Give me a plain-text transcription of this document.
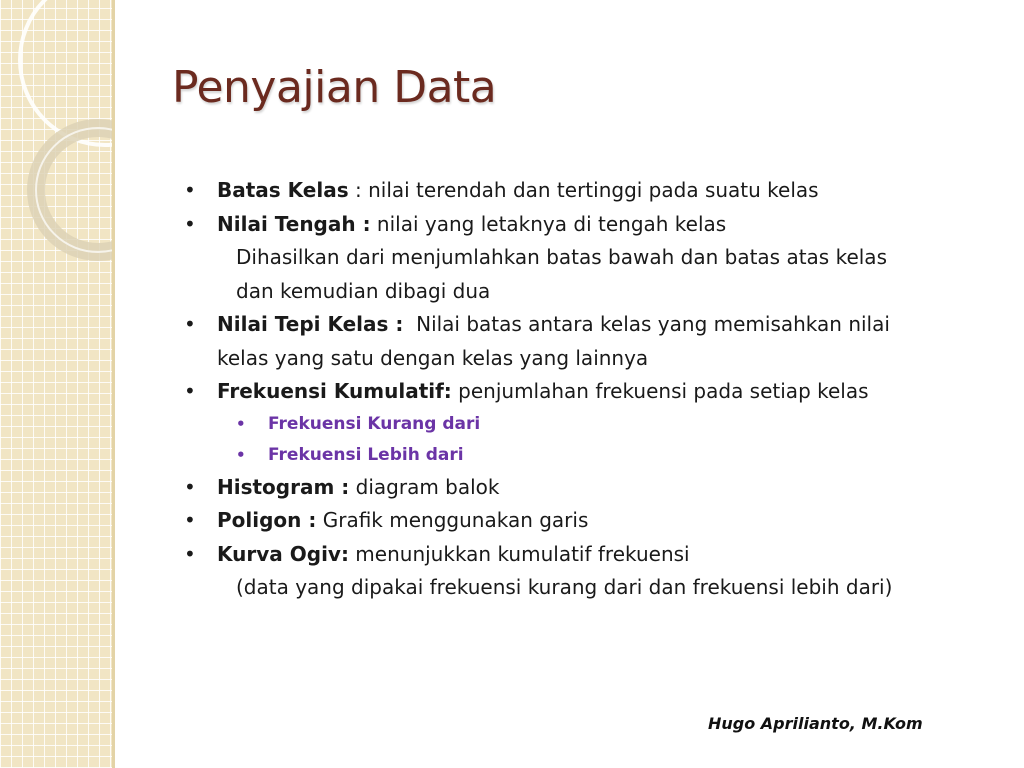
Penyajian Data
•	Batas Kelas : nilai terendah dan tertinggi pada suatu kelas
•	Nilai Tengah : nilai yang letaknya di tengah kelas
Dihasilkan dari menjumlahkan batas bawah dan batas atas kelas
dan kemudian dibagi dua
•	Nilai Tepi Kelas :  Nilai batas antara kelas yang memisahkan nilai
kelas yang satu dengan kelas yang lainnya
•	Frekuensi Kumulatif: penjumlahan frekuensi pada setiap kelas
•	Frekuensi Kurang dari
•	Frekuensi Lebih dari
•	Histogram : diagram balok
•	Poligon : Grafik menggunakan garis
•	Kurva Ogiv: menunjukkan kumulatif frekuensi
(data yang dipakai frekuensi kurang dari dan frekuensi lebih dari)
Hugo Aprilianto, M.Kom
